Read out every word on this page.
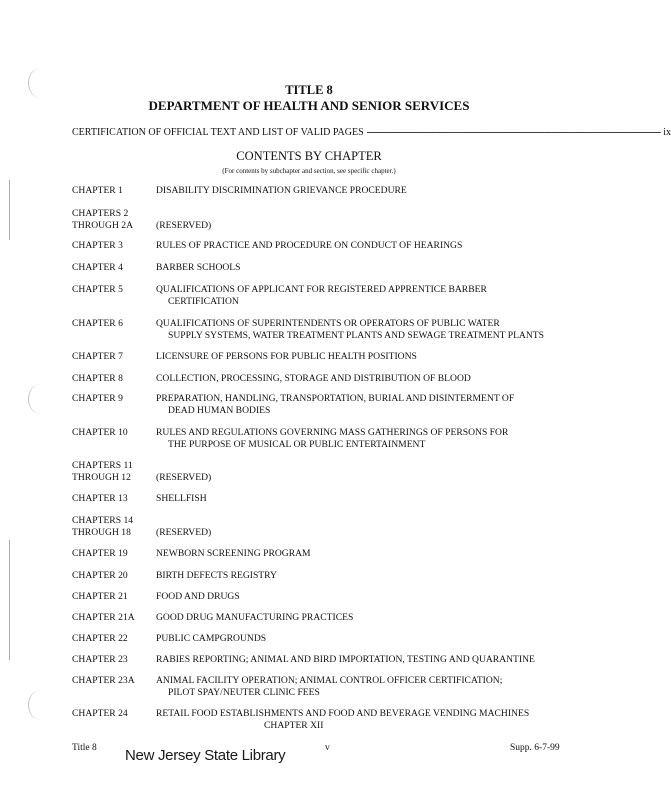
TITLE 8
DEPARTMENT OF HEALTH AND SENIOR SERVICES
CERTIFICATION OF OFFICIAL TEXT AND LIST OF VALID PAGES ------------------------------------------------------------------------------------------------------------------------------ ix
CONTENTS BY CHAPTER
(For contents by subchapter and section, see specific chapter.)
CHAPTER 1	DISABILITY DISCRIMINATION GRIEVANCE PROCEDURE
CHAPTERS 2
THROUGH 2A	(RESERVED)
CHAPTER 3	RULES OF PRACTICE AND PROCEDURE ON CONDUCT OF HEARINGS
CHAPTER 4	BARBER SCHOOLS
CHAPTER 5	QUALIFICATIONS OF APPLICANT FOR REGISTERED APPRENTICE BARBER
CERTIFICATION
CHAPTER 6	QUALIFICATIONS OF SUPERINTENDENTS OR OPERATORS OF PUBLIC WATER
SUPPLY SYSTEMS, WATER TREATMENT PLANTS AND SEWAGE TREATMENT PLANTS
CHAPTER 7	LICENSURE OF PERSONS FOR PUBLIC HEALTH POSITIONS
CHAPTER 8	COLLECTION, PROCESSING, STORAGE AND DISTRIBUTION OF BLOOD
CHAPTER 9	PREPARATION, HANDLING, TRANSPORTATION, BURIAL AND DISINTERMENT OF
DEAD HUMAN BODIES
CHAPTER 10	RULES AND REGULATIONS GOVERNING MASS GATHERINGS OF PERSONS FOR
THE PURPOSE OF MUSICAL OR PUBLIC ENTERTAINMENT
CHAPTERS 11
THROUGH 12	(RESERVED)
CHAPTER 13	SHELLFISH
CHAPTERS 14
THROUGH 18	(RESERVED)
CHAPTER 19	NEWBORN SCREENING PROGRAM
CHAPTER 20	BIRTH DEFECTS REGISTRY
CHAPTER 21	FOOD AND DRUGS
CHAPTER 21A	GOOD DRUG MANUFACTURING PRACTICES
CHAPTER 22	PUBLIC CAMPGROUNDS
CHAPTER 23	RABIES REPORTING; ANIMAL AND BIRD IMPORTATION, TESTING AND QUARANTINE
CHAPTER 23A	ANIMAL FACILITY OPERATION; ANIMAL CONTROL OFFICER CERTIFICATION;
PILOT SPAY/NEUTER CLINIC FEES
CHAPTER 24	RETAIL FOOD ESTABLISHMENTS AND FOOD AND BEVERAGE VENDING MACHINES
CHAPTER XII
Title 8	v	Supp. 6-7-99
New Jersey State Library
